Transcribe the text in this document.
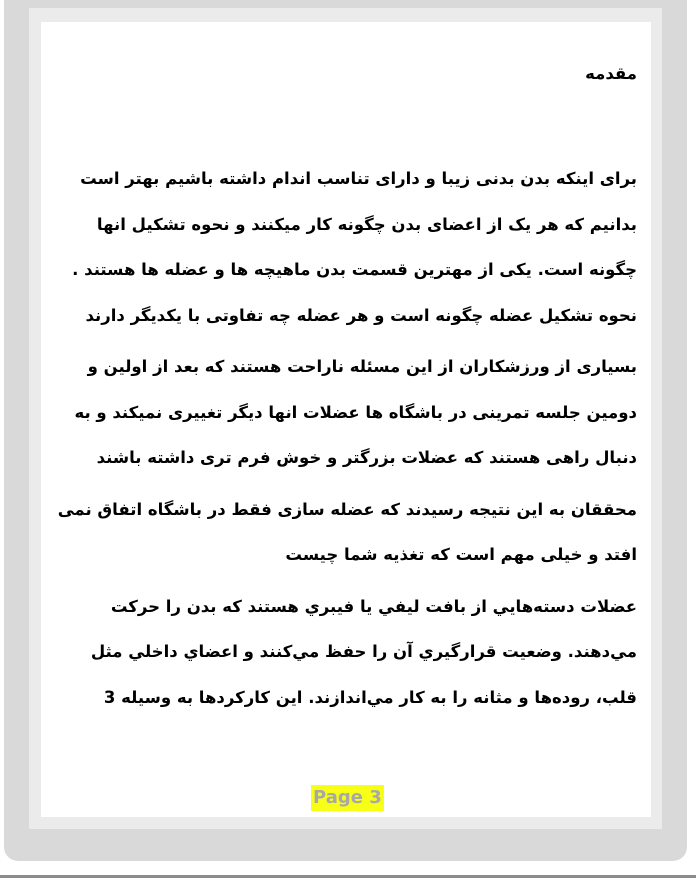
مقدمه

برای اینکه بدن بدنی زیبا و دارای تناسب اندام داشته باشیم بهتر است بدانیم که هر یک از اعضای بدن چگونه کار میکنند و نحوه تشکیل انها چگونه است. یکی از مهترین قسمت بدن ماهیچه ها و عضله ها هستند . نحوه تشکیل عضله چگونه است و هر عضله چه تفاوتی با یکدیگر دارند

بسیاری از ورزشکاران از این مسئله ناراحت هستند که بعد از اولین و دومین جلسه تمرینی در باشگاه ها عضلات انها دیگر تغییری نمیکند و به دنبال راهی هستند که عضلات بزرگتر و خوش فرم تری داشته باشند

محققان به این نتیجه رسیدند که عضله سازی فقط در باشگاه اتفاق نمی افتد و خیلی مهم است که تغذیه شما چیست

عضلات دسته‌هايي از بافت ليفي يا فيبري هستند که بدن را حرکت مي‌دهند. وضعيت قرارگيري آن را حفظ مي‌کنند و اعضاي داخلي مثل قلب، روده‌ها و مثانه را به کار مي‌اندازند. اين کارکردها به وسيله 3

Page 3
